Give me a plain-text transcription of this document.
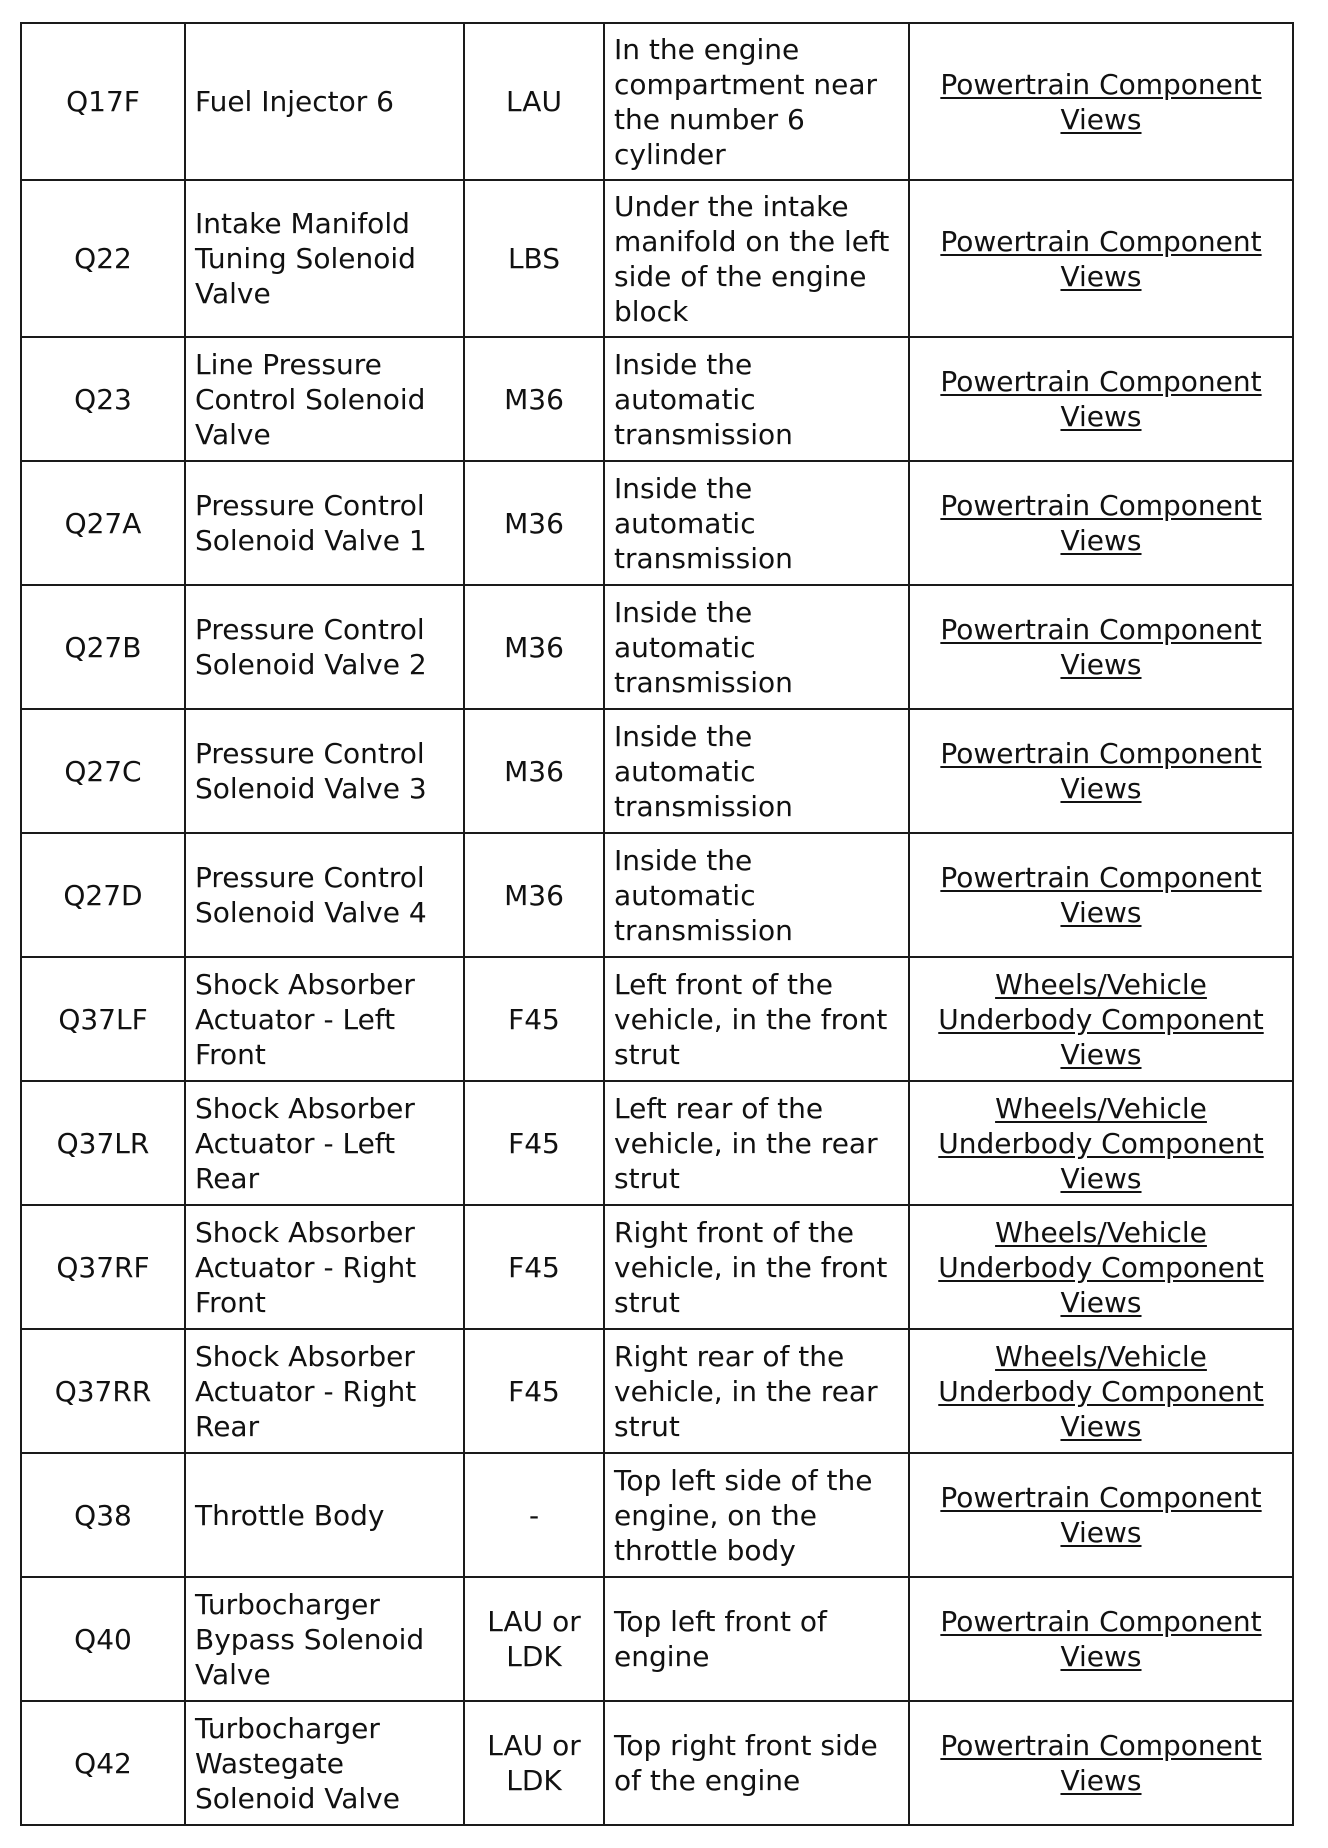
Q17F	Fuel Injector 6	LAU	In the engine compartment near the number 6 cylinder	Powertrain Component Views
Q22	Intake Manifold Tuning Solenoid Valve	LBS	Under the intake manifold on the left side of the engine block	Powertrain Component Views
Q23	Line Pressure Control Solenoid Valve	M36	Inside the automatic transmission	Powertrain Component Views
Q27A	Pressure Control Solenoid Valve 1	M36	Inside the automatic transmission	Powertrain Component Views
Q27B	Pressure Control Solenoid Valve 2	M36	Inside the automatic transmission	Powertrain Component Views
Q27C	Pressure Control Solenoid Valve 3	M36	Inside the automatic transmission	Powertrain Component Views
Q27D	Pressure Control Solenoid Valve 4	M36	Inside the automatic transmission	Powertrain Component Views
Q37LF	Shock Absorber Actuator - Left Front	F45	Left front of the vehicle, in the front strut	Wheels/Vehicle Underbody Component Views
Q37LR	Shock Absorber Actuator - Left Rear	F45	Left rear of the vehicle, in the rear strut	Wheels/Vehicle Underbody Component Views
Q37RF	Shock Absorber Actuator - Right Front	F45	Right front of the vehicle, in the front strut	Wheels/Vehicle Underbody Component Views
Q37RR	Shock Absorber Actuator - Right Rear	F45	Right rear of the vehicle, in the rear strut	Wheels/Vehicle Underbody Component Views
Q38	Throttle Body	-	Top left side of the engine, on the throttle body	Powertrain Component Views
Q40	Turbocharger Bypass Solenoid Valve	LAU or LDK	Top left front of engine	Powertrain Component Views
Q42	Turbocharger Wastegate Solenoid Valve	LAU or LDK	Top right front side of the engine	Powertrain Component Views
